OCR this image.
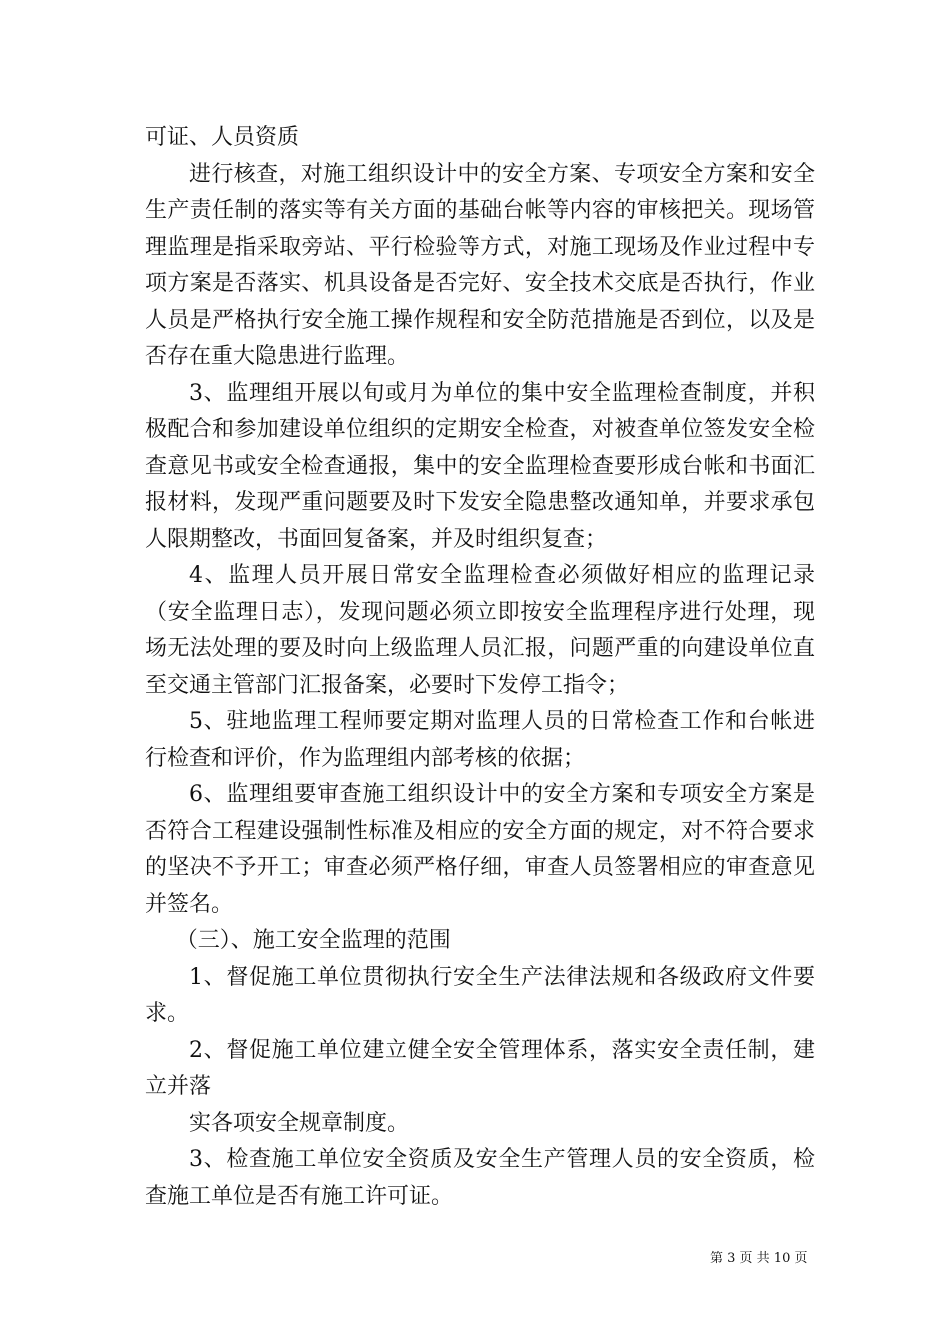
可证、人员资质

进行核查，对施工组织设计中的安全方案、专项安全方案和安全生产责任制的落实等有关方面的基础台帐等内容的审核把关。现场管理监理是指采取旁站、平行检验等方式，对施工现场及作业过程中专项方案是否落实、机具设备是否完好、安全技术交底是否执行，作业人员是严格执行安全施工操作规程和安全防范措施是否到位，以及是否存在重大隐患进行监理。

3、监理组开展以旬或月为单位的集中安全监理检查制度，并积极配合和参加建设单位组织的定期安全检查，对被查单位签发安全检查意见书或安全检查通报，集中的安全监理检查要形成台帐和书面汇报材料，发现严重问题要及时下发安全隐患整改通知单，并要求承包人限期整改，书面回复备案，并及时组织复查；

4、监理人员开展日常安全监理检查必须做好相应的监理记录（安全监理日志），发现问题必须立即按安全监理程序进行处理，现场无法处理的要及时向上级监理人员汇报，问题严重的向建设单位直至交通主管部门汇报备案，必要时下发停工指令；

5、驻地监理工程师要定期对监理人员的日常检查工作和台帐进行检查和评价，作为监理组内部考核的依据；

6、监理组要审查施工组织设计中的安全方案和专项安全方案是否符合工程建设强制性标准及相应的安全方面的规定，对不符合要求的坚决不予开工；审查必须严格仔细，审查人员签署相应的审查意见并签名。

（三）、施工安全监理的范围

1、督促施工单位贯彻执行安全生产法律法规和各级政府文件要求。

2、督促施工单位建立健全安全管理体系，落实安全责任制，建立并落

实各项安全规章制度。

3、检查施工单位安全资质及安全生产管理人员的安全资质，检查施工单位是否有施工许可证。

第 3 页 共 10 页
